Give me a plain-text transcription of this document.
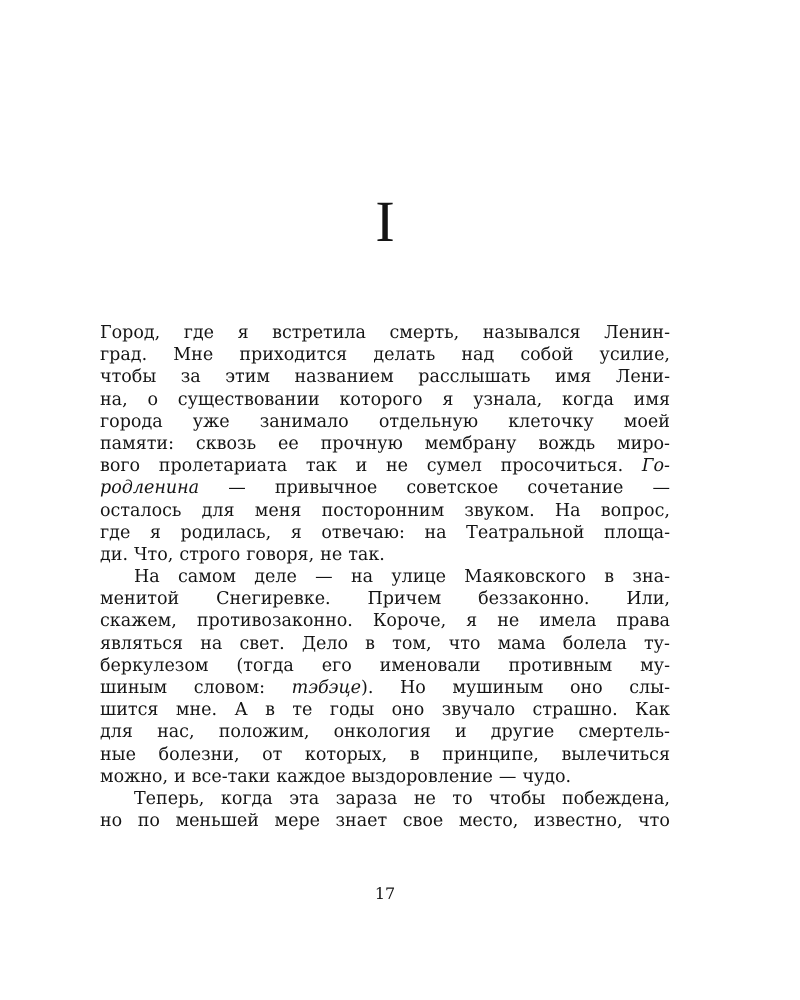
I
Город, где я встретила смерть, назывался Ленин-
град. Мне приходится делать над собой усилие,
чтобы за этим названием расслышать имя Лени-
на, о существовании которого я узнала, когда имя
города уже занимало отдельную клеточку моей
памяти: сквозь ее прочную мембрану вождь миро-
вого пролетариата так и не сумел просочиться. Го-
родленина — привычное советское сочетание —
осталось для меня посторонним звуком. На вопрос,
где я родилась, я отвечаю: на Театральной площа-
ди. Что, строго говоря, не так.
На самом деле — на улице Маяковского в зна-
менитой Снегиревке. Причем беззаконно. Или,
скажем, противозаконно. Короче, я не имела права
являться на свет. Дело в том, что мама болела ту-
беркулезом (тогда его именовали противным му-
шиным словом: тэбэце). Но мушиным оно слы-
шится мне. А в те годы оно звучало страшно. Как
для нас, положим, онкология и другие смертель-
ные болезни, от которых, в принципе, вылечиться
можно, и все-таки каждое выздоровление — чудо.
Теперь, когда эта зараза не то чтобы побеждена,
но по меньшей мере знает свое место, известно, что
17
